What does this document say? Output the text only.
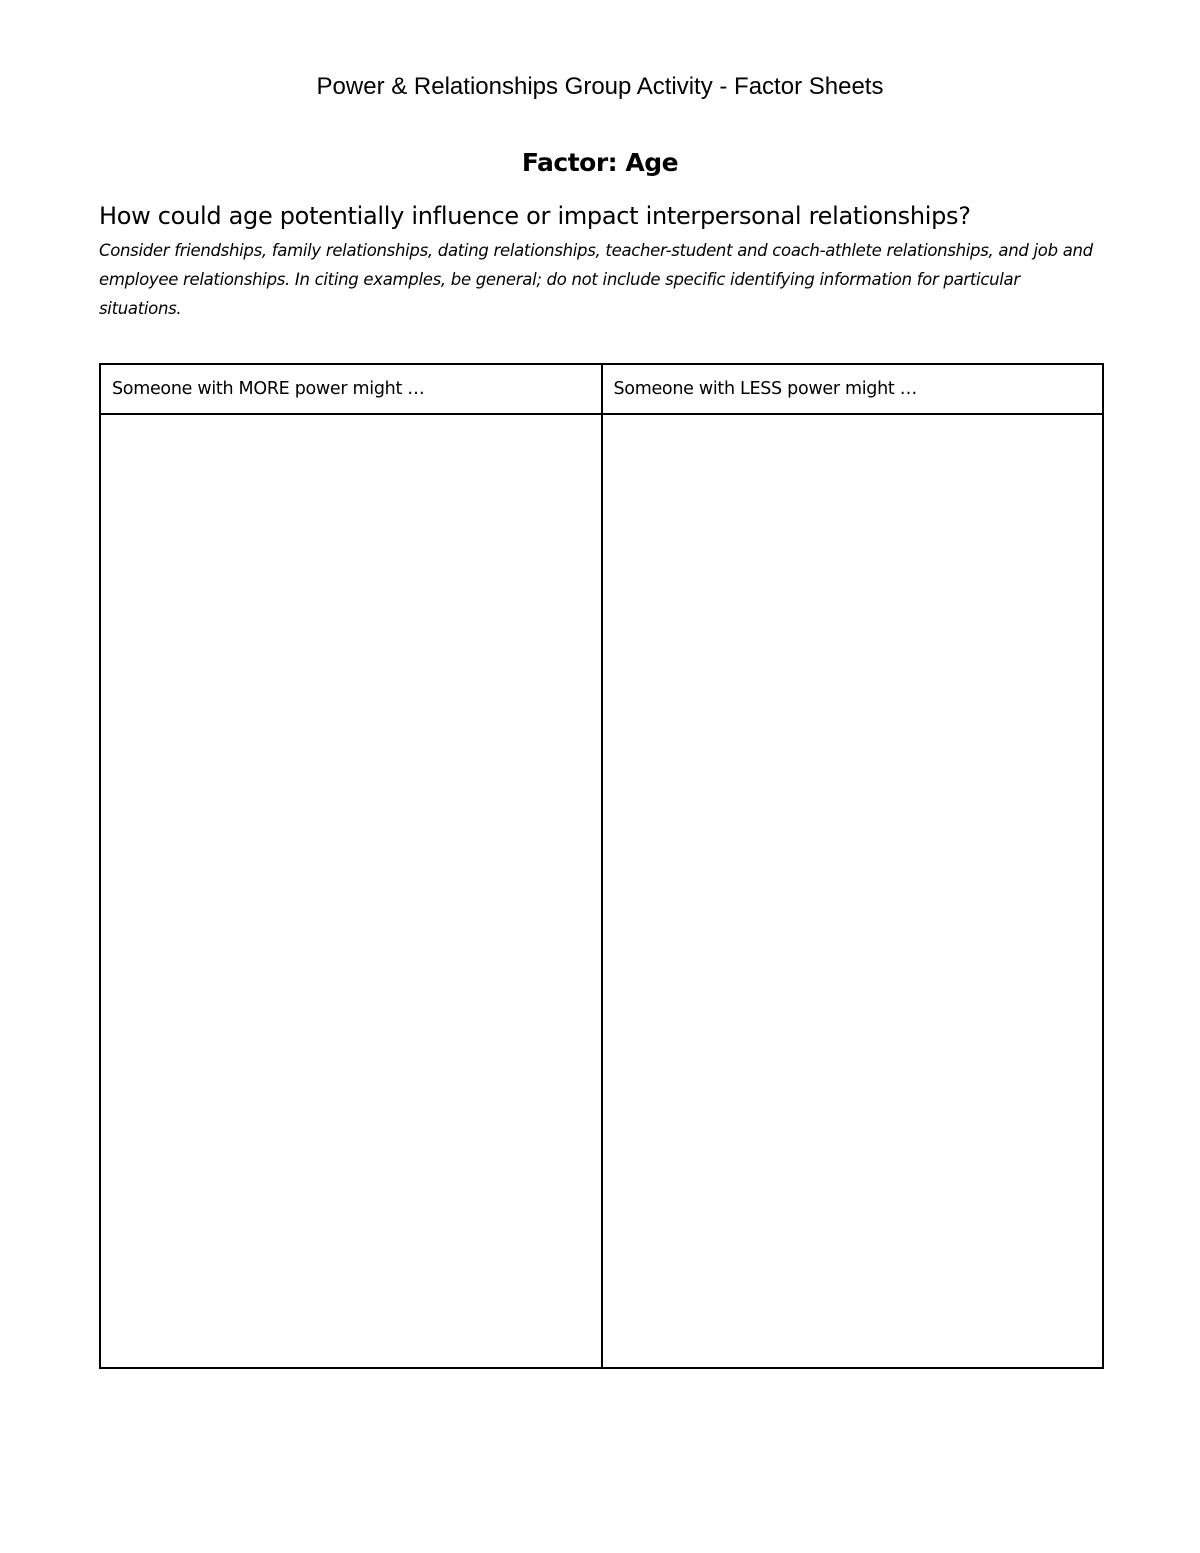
Power & Relationships Group Activity - Factor Sheets
Factor: Age
How could age potentially influence or impact interpersonal relationships?
Consider friendships, family relationships, dating relationships, teacher-student and coach-athlete relationships, and job and employee relationships. In citing examples, be general; do not include specific identifying information for particular situations.
Someone with MORE power might …	Someone with LESS power might …
